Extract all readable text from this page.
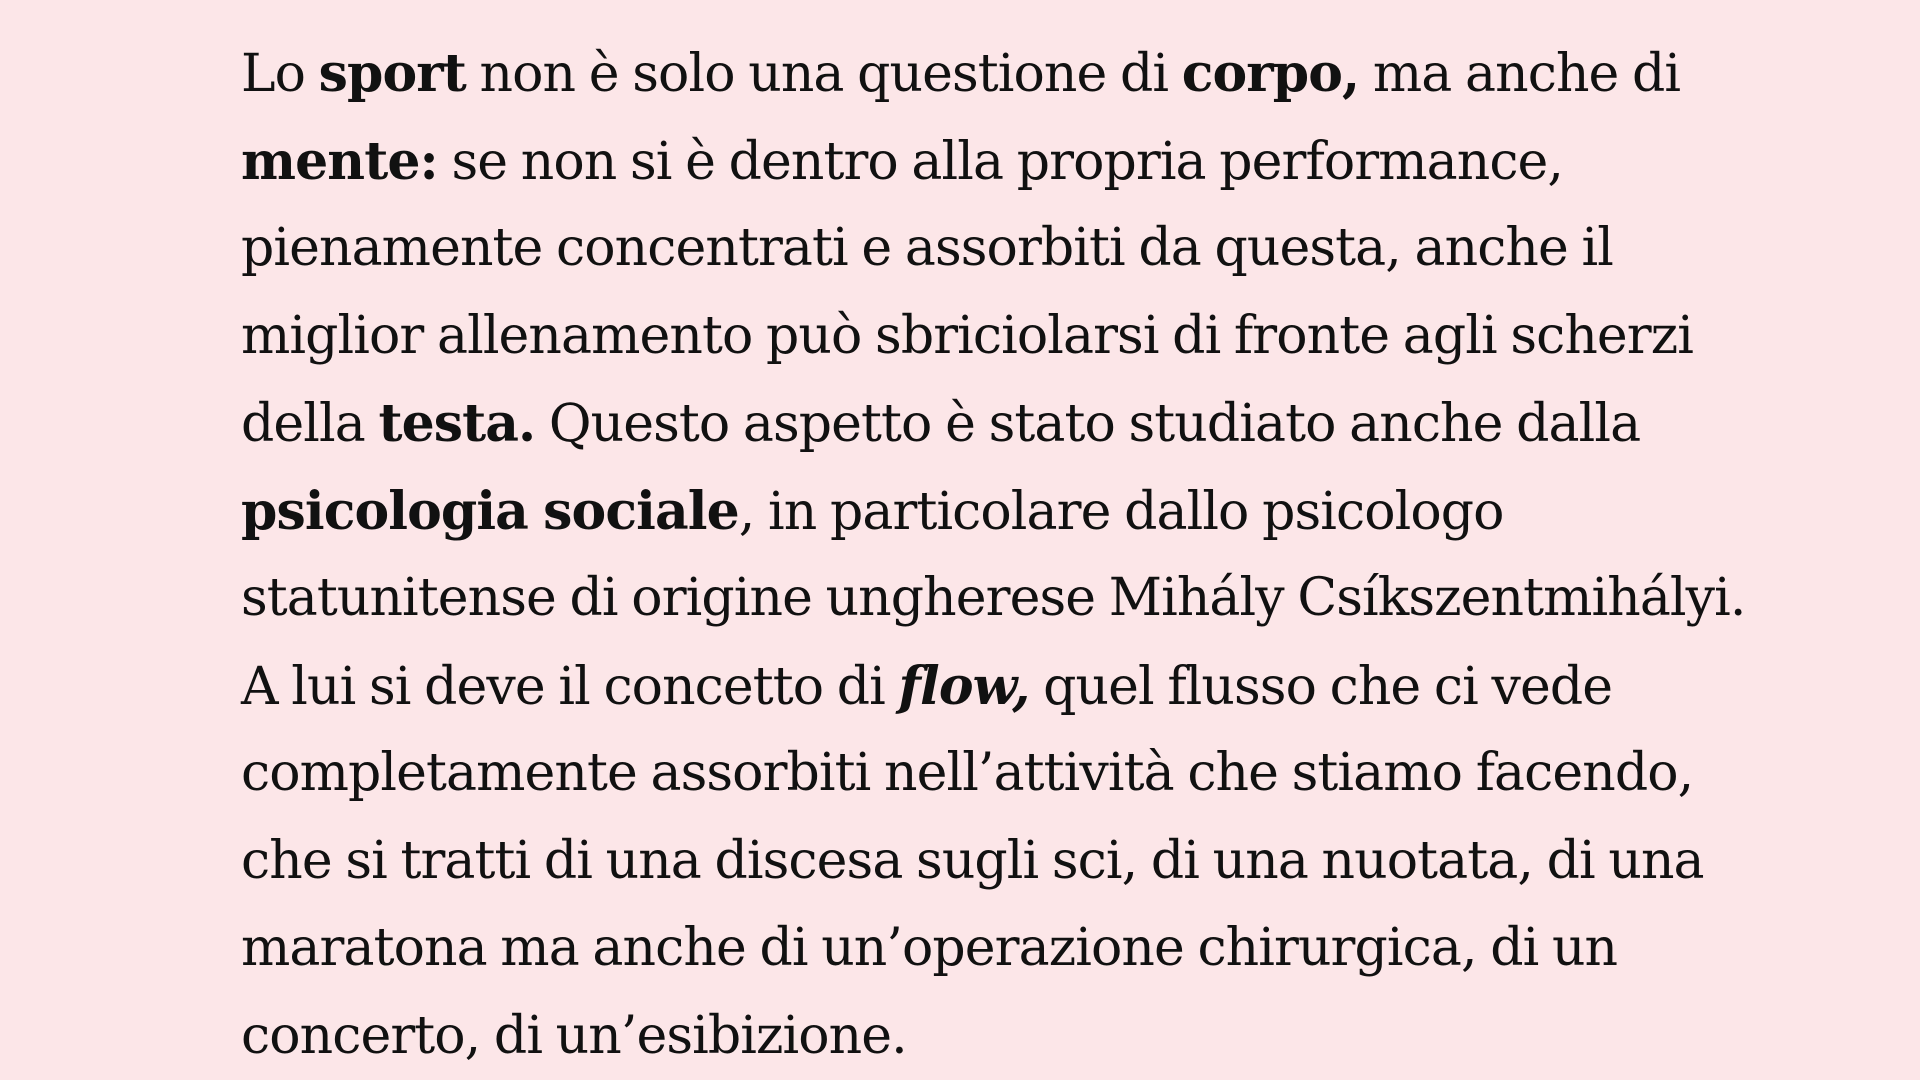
Lo sport non è solo una questione di corpo, ma anche di
mente: se non si è dentro alla propria performance,
pienamente concentrati e assorbiti da questa, anche il
miglior allenamento può sbriciolarsi di fronte agli scherzi
della testa. Questo aspetto è stato studiato anche dalla
psicologia sociale, in particolare dallo psicologo
statunitense di origine ungherese Mihály Csíkszentmihályi.
A lui si deve il concetto di flow, quel flusso che ci vede
completamente assorbiti nell’attività che stiamo facendo,
che si tratti di una discesa sugli sci, di una nuotata, di una
maratona ma anche di un’operazione chirurgica, di un
concerto, di un’esibizione.
